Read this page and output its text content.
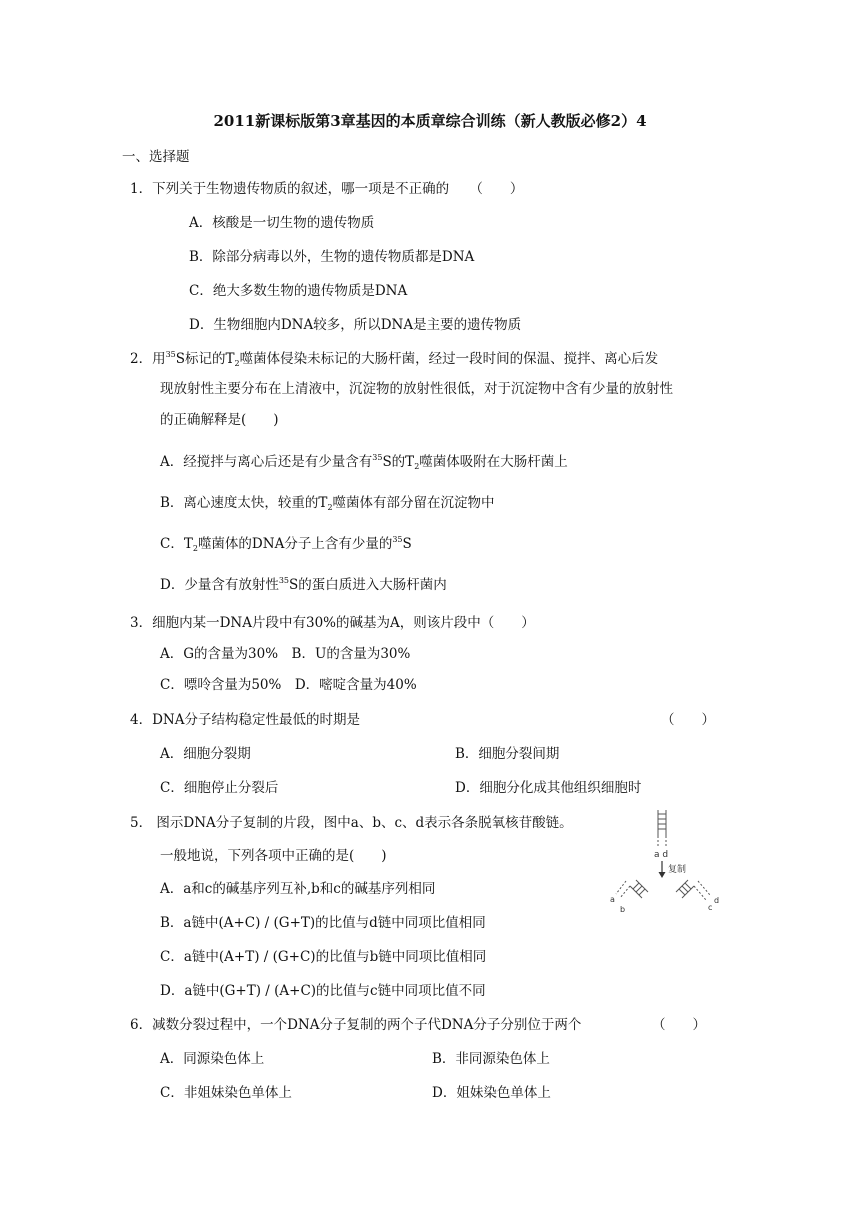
2011新课标版第3章基因的本质章综合训练（新人教版必修2）4
一、选择题
1．下列关于生物遗传物质的叙述，哪一项是不正确的　　（　　）
A．核酸是一切生物的遗传物质
B．除部分病毒以外，生物的遗传物质都是DNA
C．绝大多数生物的遗传物质是DNA
D．生物细胞内DNA较多，所以DNA是主要的遗传物质
2．用$^{35}$S标记的$T_2$噬菌体侵染未标记的大肠杆菌，经过一段时间的保温、搅拌、离心后发
现放射性主要分布在上清液中，沉淀物的放射性很低，对于沉淀物中含有少量的放射性
的正确解释是(　　)
A．经搅拌与离心后还是有少量含有$^{35}$S的$T_2$噬菌体吸附在大肠杆菌上
B．离心速度太快，较重的$T_2$噬菌体有部分留在沉淀物中
C．$T_2$噬菌体的DNA分子上含有少量的$^{35}$S
D．少量含有放射性$^{35}$S的蛋白质进入大肠杆菌内
3．细胞内某一DNA片段中有30%的碱基为A，则该片段中（　　）
A．G的含量为30%　B．U的含量为30%
C．嘌呤含量为50%　D．嘧啶含量为40%
4．DNA分子结构稳定性最低的时期是	（　　）
A．细胞分裂期	B．细胞分裂间期
C．细胞停止分裂后	D．细胞分化成其他组织细胞时
5． 图示DNA分子复制的片段，图中a、b、c、d表示各条脱氧核苷酸链。
一般地说，下列各项中正确的是(　　)
A．a和c的碱基序列互补,b和c的碱基序列相同
B．a链中(A+C) / (G+T)的比值与d链中同项比值相同
C．a链中(A+T) / (G+C)的比值与b链中同项比值相同
D．a链中(G+T) / (A+C)的比值与c链中同项比值不同
a d
复制
a
b	c
d
6．减数分裂过程中，一个DNA分子复制的两个子代DNA分子分别位于两个	（　　）
A．同源染色体上	B．非同源染色体上
C．非姐妹染色单体上	D．姐妹染色单体上
